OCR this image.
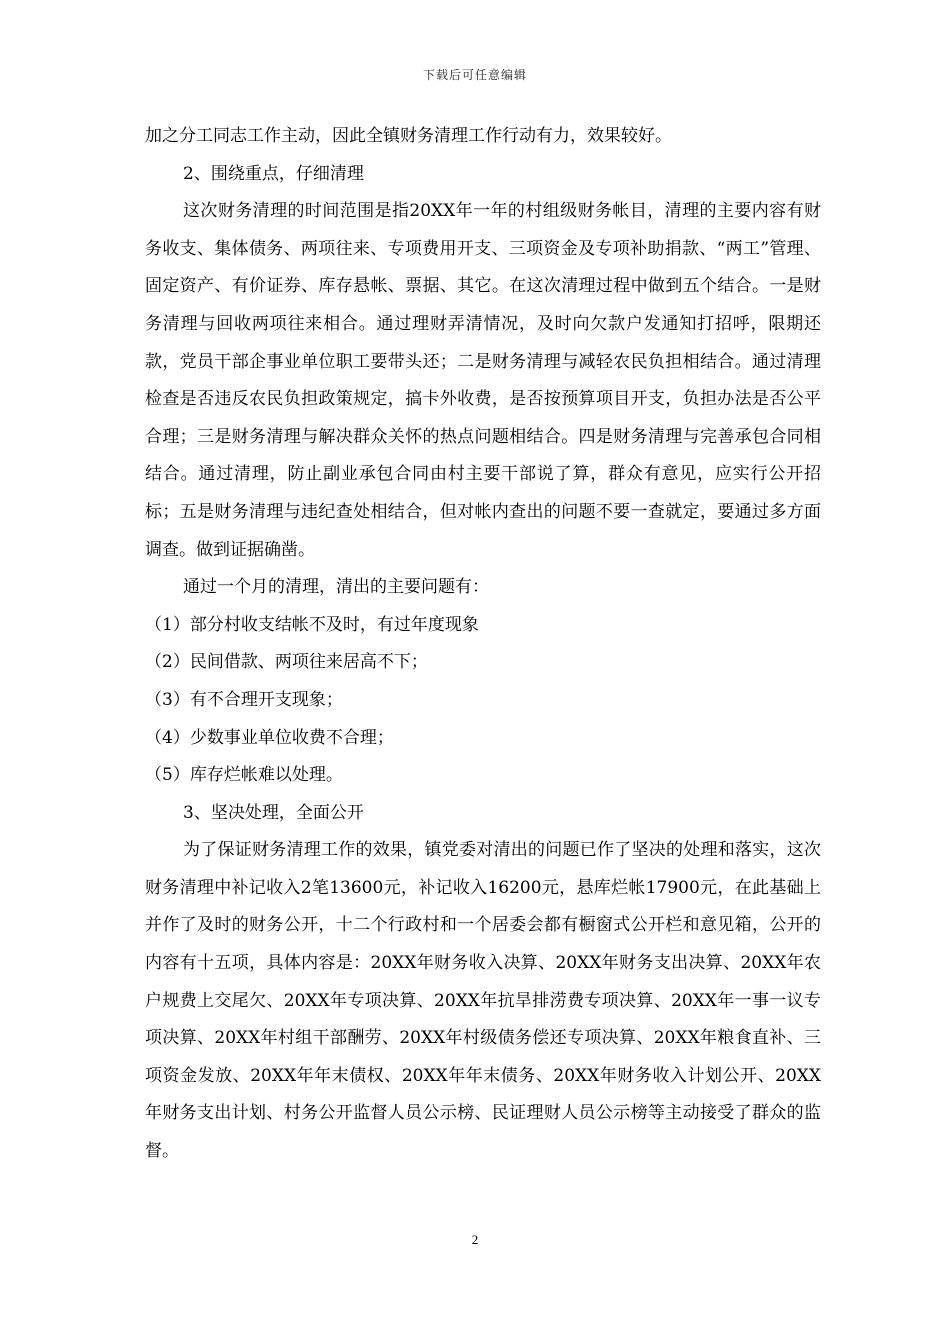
下载后可任意编辑

加之分工同志工作主动，因此全镇财务清理工作行动有力，效果较好。

2、围绕重点，仔细清理

这次财务清理的时间范围是指20XX年一年的村组级财务帐目，清理的主要内容有财务收支、集体债务、两项往来、专项费用开支、三项资金及专项补助捐款、“两工”管理、固定资产、有价证券、库存悬帐、票据、其它。在这次清理过程中做到五个结合。一是财务清理与回收两项往来相合。通过理财弄清情况，及时向欠款户发通知打招呼，限期还款，党员干部企事业单位职工要带头还；二是财务清理与减轻农民负担相结合。通过清理检查是否违反农民负担政策规定，搞卡外收费，是否按预算项目开支，负担办法是否公平合理；三是财务清理与解决群众关怀的热点问题相结合。四是财务清理与完善承包合同相结合。通过清理，防止副业承包合同由村主要干部说了算，群众有意见，应实行公开招标；五是财务清理与违纪查处相结合，但对帐内查出的问题不要一查就定，要通过多方面调查。做到证据确凿。

通过一个月的清理，清出的主要问题有：

（1）部分村收支结帐不及时，有过年度现象

（2）民间借款、两项往来居高不下；

（3）有不合理开支现象；

（4）少数事业单位收费不合理；

（5）库存烂帐难以处理。

3、坚决处理，全面公开

为了保证财务清理工作的效果，镇党委对清出的问题已作了坚决的处理和落实，这次财务清理中补记收入2笔13600元，补记收入16200元，悬库烂帐17900元，在此基础上并作了及时的财务公开，十二个行政村和一个居委会都有橱窗式公开栏和意见箱，公开的内容有十五项，具体内容是：20XX年财务收入决算、20XX年财务支出决算、20XX年农户规费上交尾欠、20XX年专项决算、20XX年抗旱排涝费专项决算、20XX年一事一议专项决算、20XX年村组干部酬劳、20XX年村级债务偿还专项决算、20XX年粮食直补、三项资金发放、20XX年年末债权、20XX年年末债务、20XX年财务收入计划公开、20XX年财务支出计划、村务公开监督人员公示榜、民证理财人员公示榜等主动接受了群众的监督。

2
